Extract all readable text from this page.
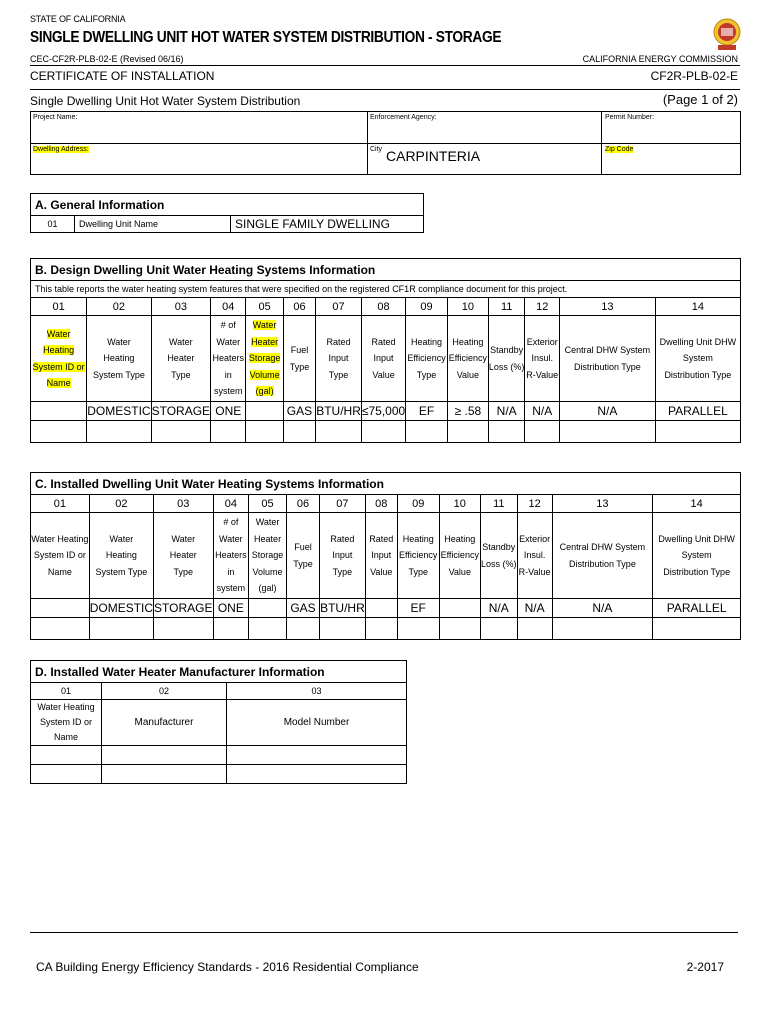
STATE OF CALIFORNIA
SINGLE DWELLING UNIT HOT WATER SYSTEM DISTRIBUTION - STORAGE
CEC-CF2R-PLB-02-E (Revised 06/16)	CALIFORNIA ENERGY COMMISSION
CERTIFICATE OF INSTALLATION	CF2R-PLB-02-E
Single Dwelling Unit Hot Water System Distribution	(Page 1 of 2)
Project Name:	Enforcement Agency:	Permit Number:
Dwelling Address:	City CARPINTERIA	Zip Code
A. General Information
01	Dwelling Unit Name	SINGLE FAMILY DWELLING
B. Design Dwelling Unit Water Heating Systems Information													
This table reports the water heating system features that were specified on the registered CF1R compliance document for this project.													
01	02	03	04	05	06	07	08	09	10	11	12	13	14
Water Heating
System ID or
Name	Water
Heating
System Type	Water
Heater
Type	# of
Water
Heaters
in
system	Water
Heater
Storage
Volume
(gal)	Fuel
Type	Rated
Input
Type	Rated
Input
Value	Heating
Efficiency
Type	Heating
Efficiency
Value	Standby
Loss (%)	Exterior
Insul.
R-Value	Central DHW System
Distribution Type	Dwelling Unit DHW System
Distribution Type
	DOMESTIC	STORAGE	ONE		GAS	BTU/HR	≤75,000	EF	≥ .58	N/A	N/A	N/A	PARALLEL

C. Installed Dwelling Unit Water Heating Systems Information													
01	02	03	04	05	06	07	08	09	10	11	12	13	14
Water Heating
System ID or
Name	Water
Heating
System Type	Water
Heater
Type	# of
Water
Heaters
in
system	Water
Heater
Storage
Volume
(gal)	Fuel
Type	Rated
Input
Type	Rated
Input
Value	Heating
Efficiency
Type	Heating
Efficiency
Value	Standby
Loss (%)	Exterior
Insul.
R-Value	Central DHW System
Distribution Type	Dwelling Unit DHW System
Distribution Type
	DOMESTIC	STORAGE	ONE		GAS	BTU/HR		EF		N/A	N/A	N/A	PARALLEL

D. Installed Water Heater Manufacturer Information		
01	02	03
Water Heating
System ID or Name	Manufacturer	Model Number

CA Building Energy Efficiency Standards - 2016 Residential Compliance	2-2017
